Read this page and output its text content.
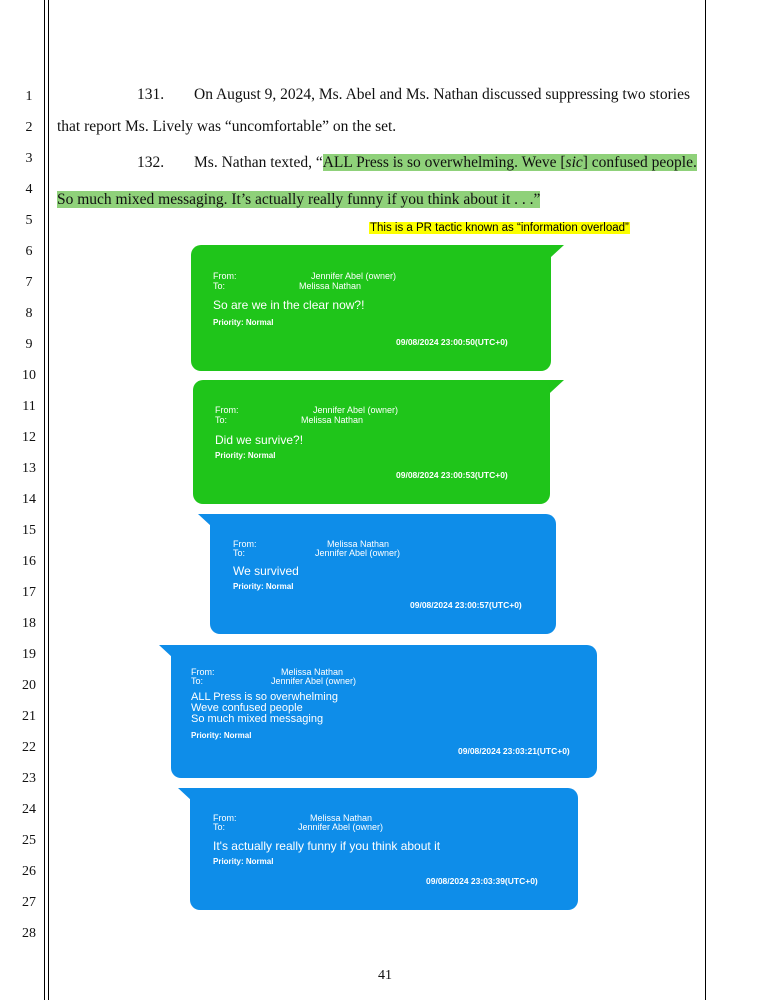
1
2
3
4
5
6
7
8
9
10
11
12
13
14
15
16
17
18
19
20
21
22
23
24
25
26
27
28
131. On August 9, 2024, Ms. Abel and Ms. Nathan discussed suppressing two stories
that report Ms. Lively was “uncomfortable” on the set.
132. Ms. Nathan texted, “ALL Press is so overwhelming. Weve [sic] confused people.
So much mixed messaging. It’s actually really funny if you think about it . . .”
This is a PR tactic known as “information overload”
From:
To:
Jennifer Abel (owner)
Melissa Nathan
So are we in the clear now?!
Priority: Normal
09/08/2024 23:00:50(UTC+0)
From:
To:
Jennifer Abel (owner)
Melissa Nathan
Did we survive?!
Priority: Normal
09/08/2024 23:00:53(UTC+0)
From:
To:
Melissa Nathan
Jennifer Abel (owner)
We survived
Priority: Normal
09/08/2024 23:00:57(UTC+0)
From:
To:
Melissa Nathan
Jennifer Abel (owner)
ALL Press is so overwhelming
Weve confused people
So much mixed messaging
Priority: Normal
09/08/2024 23:03:21(UTC+0)
From:
To:
Melissa Nathan
Jennifer Abel (owner)
It's actually really funny if you think about it
Priority: Normal
09/08/2024 23:03:39(UTC+0)
41
